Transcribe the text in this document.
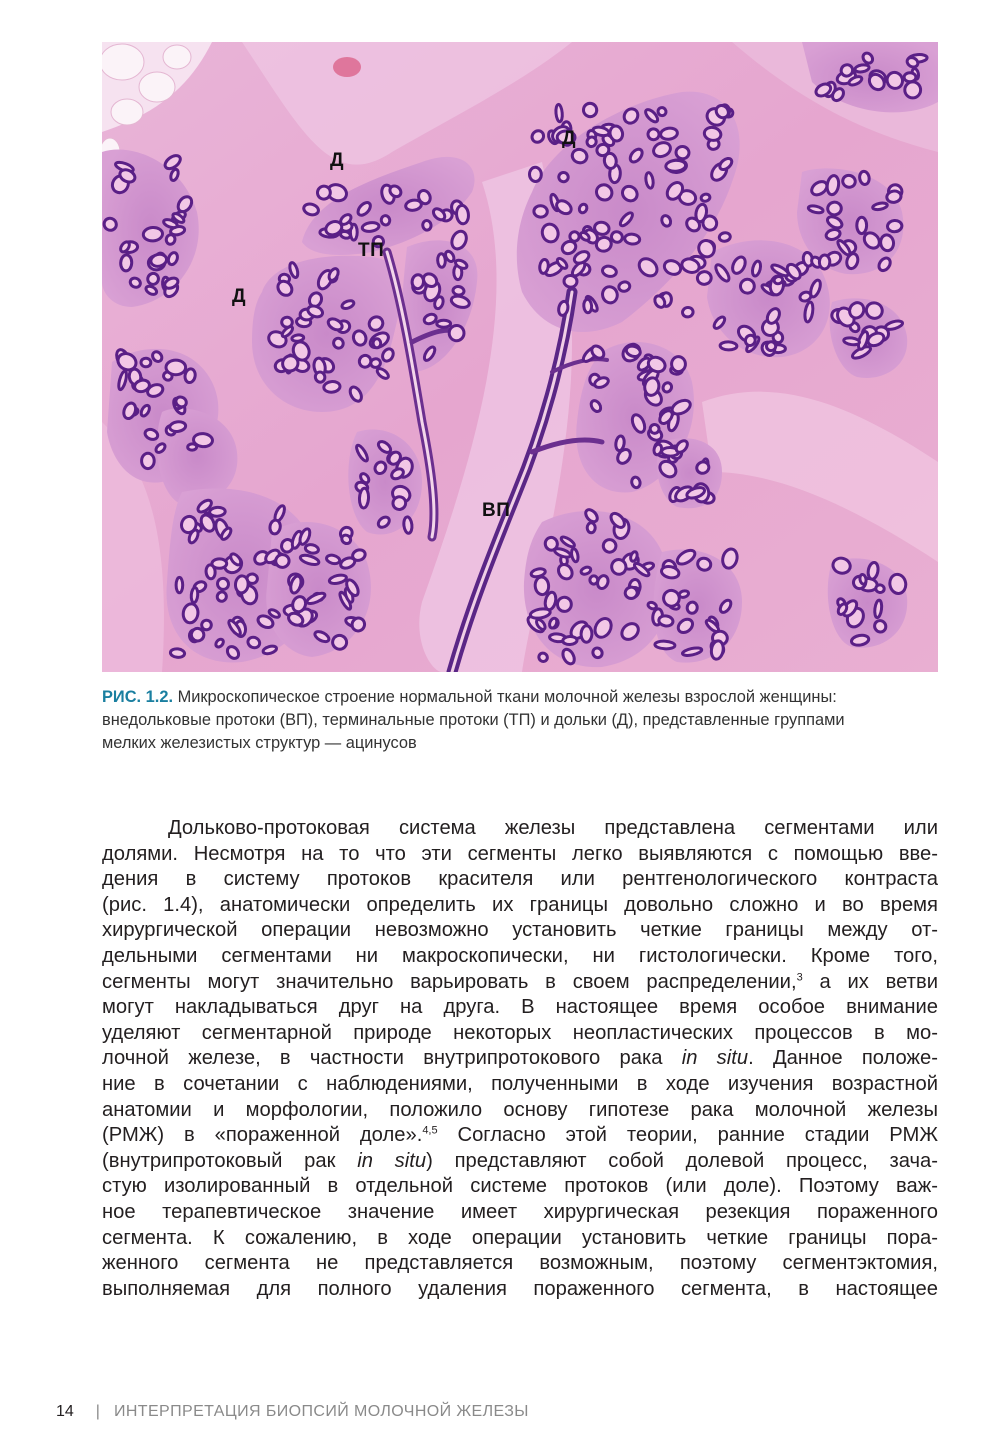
Д
Д
ТП
Д
ВП
РИС. 1.2. Микроскопическое строение нормальной ткани молочной железы взрослой женщины:
внедольковые протоки (ВП), терминальные протоки (ТП) и дольки (Д), представленные группами
мелких железистых структур — ацинусов
Дольково-протоковая система железы представлена сегментами или
долями. Несмотря на то что эти сегменты легко выявляются с помощью вве-
дения в систему протоков красителя или рентгенологического контраста
(рис. 1.4), анатомически определить их границы довольно сложно и во время
хирургической операции невозможно установить четкие границы между от-
дельными сегментами ни макроскопически, ни гистологически. Кроме того,
сегменты могут значительно варьировать в своем распределении,$^3$ а их ветви
могут накладываться друг на друга. В настоящее время особое внимание
уделяют сегментарной природе некоторых неопластических процессов в мо-
лочной железе, в частности внутрипротокового рака in situ. Данное положе-
ние в сочетании с наблюдениями, полученными в ходе изучения возрастной
анатомии и морфологии, положило основу гипотезе рака молочной железы
(РМЖ) в «пораженной доле».$^{4,5}$ Согласно этой теории, ранние стадии РМЖ
(внутрипротоковый рак in situ) представляют собой долевой процесс, зача-
стую изолированный в отдельной системе протоков (или доле). Поэтому важ-
ное терапевтическое значение имеет хирургическая резекция пораженного
сегмента. К сожалению, в ходе операции установить четкие границы пора-
женного сегмента не представляется возможным, поэтому сегментэктомия,
выполняемая для полного удаления пораженного сегмента, в настоящее
14 | ИНТЕРПРЕТАЦИЯ БИОПСИЙ МОЛОЧНОЙ ЖЕЛЕЗЫ
